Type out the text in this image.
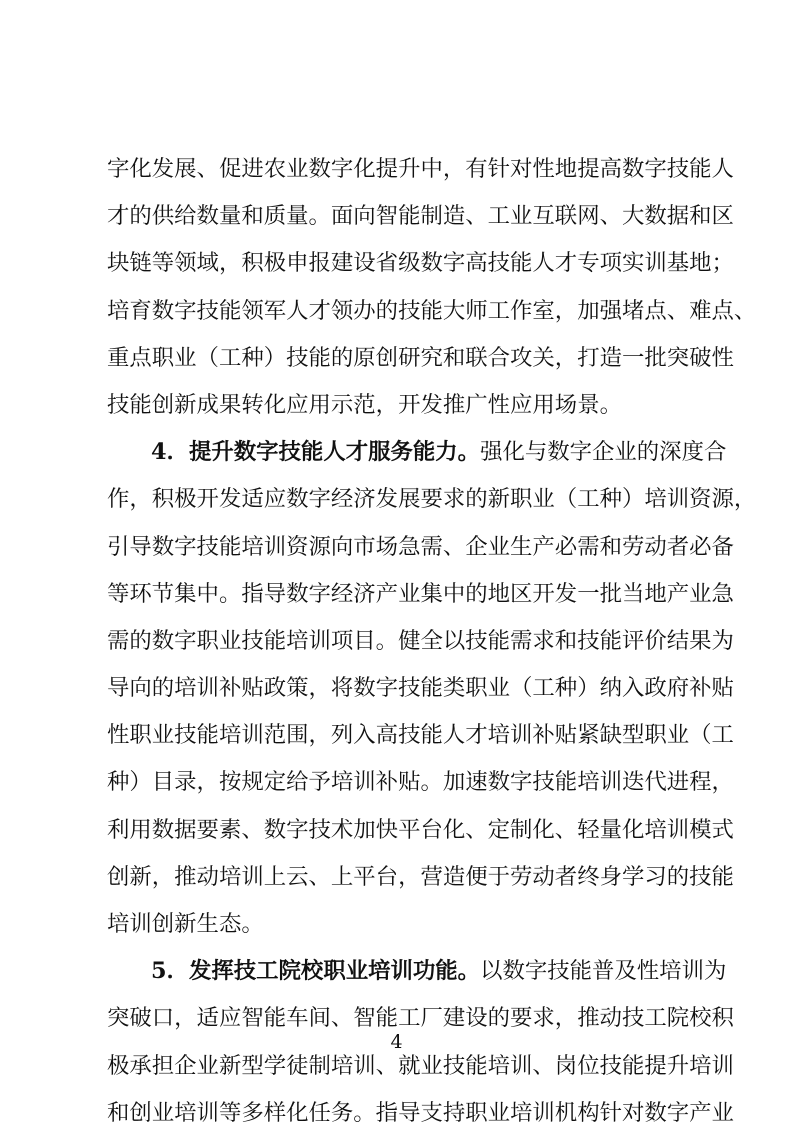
字化发展、促进农业数字化提升中，有针对性地提高数字技能人
才的供给数量和质量。面向智能制造、工业互联网、大数据和区
块链等领域，积极申报建设省级数字高技能人才专项实训基地；
培育数字技能领军人才领办的技能大师工作室，加强堵点、难点、
重点职业（工种）技能的原创研究和联合攻关，打造一批突破性
技能创新成果转化应用示范，开发推广性应用场景。
4．提升数字技能人才服务能力。强化与数字企业的深度合
作，积极开发适应数字经济发展要求的新职业（工种）培训资源，
引导数字技能培训资源向市场急需、企业生产必需和劳动者必备
等环节集中。指导数字经济产业集中的地区开发一批当地产业急
需的数字职业技能培训项目。健全以技能需求和技能评价结果为
导向的培训补贴政策，将数字技能类职业（工种）纳入政府补贴
性职业技能培训范围，列入高技能人才培训补贴紧缺型职业（工
种）目录，按规定给予培训补贴。加速数字技能培训迭代进程，
利用数据要素、数字技术加快平台化、定制化、轻量化培训模式
创新，推动培训上云、上平台，营造便于劳动者终身学习的技能
培训创新生态。
5．发挥技工院校职业培训功能。以数字技能普及性培训为
突破口，适应智能车间、智能工厂建设的要求，推动技工院校积
极承担企业新型学徒制培训、就业技能培训、岗位技能提升培训
和创业培训等多样化任务。指导支持职业培训机构针对数字产业
4
